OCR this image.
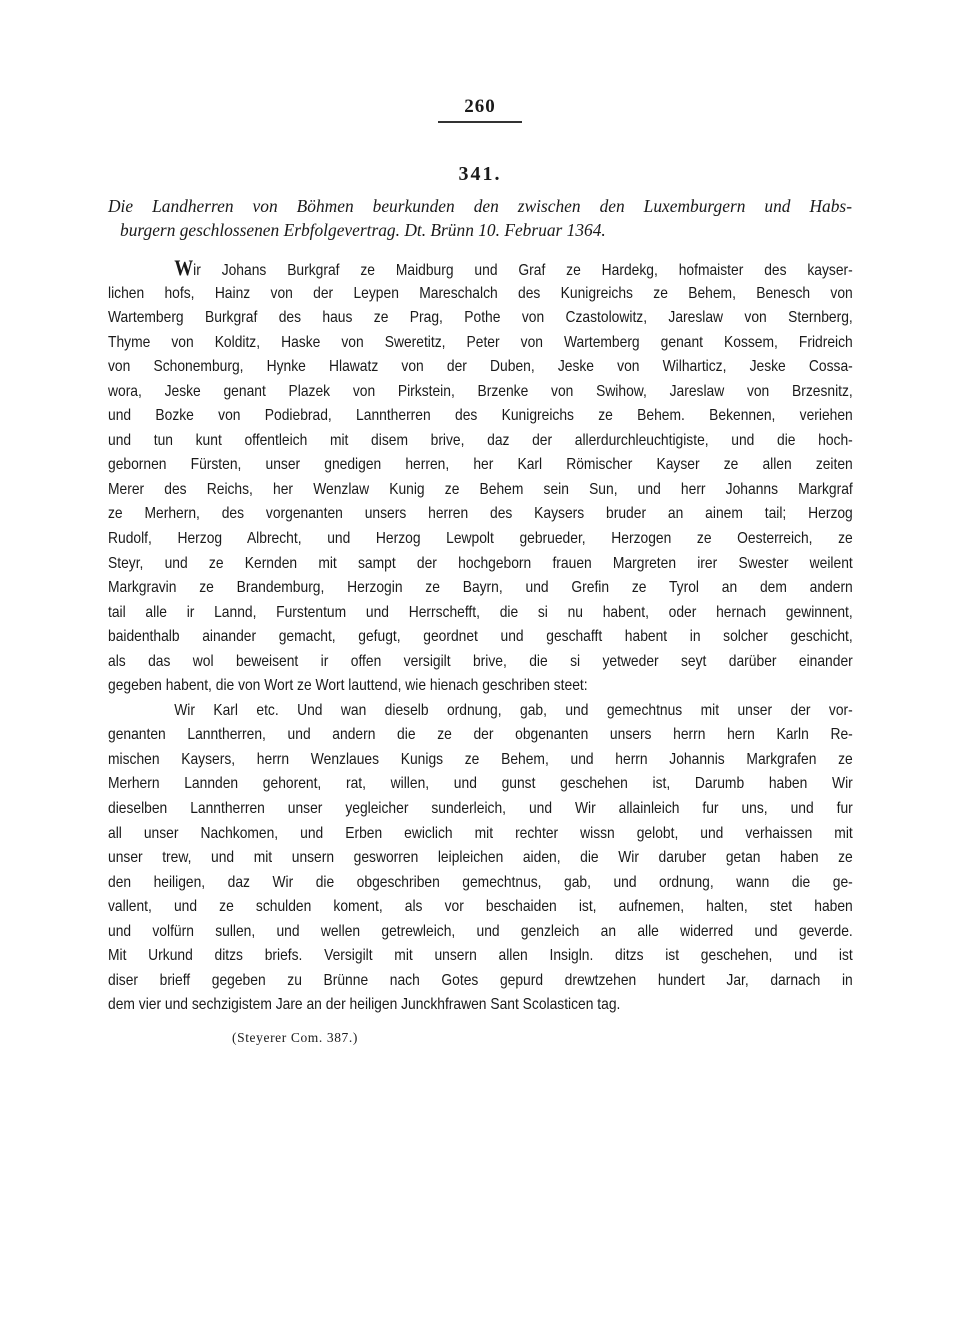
260
341.
Die Landherren von Böhmen beurkunden den zwischen den Luxemburgern und Habs-
burgern geschlossenen Erbfolgevertrag. Dt. Brünn 10. Februar 1364.
Wir Johans Burkgraf ze Maidburg und Graf ze Hardekg, hofmaister des kayser-
lichen hofs, Hainz von der Leypen Mareschalch des Kunigreichs ze Behem, Benesch von
Wartemberg Burkgraf des haus ze Prag, Pothe von Czastolowitz, Jareslaw von Sternberg,
Thyme von Kolditz, Haske von Sweretitz, Peter von Wartemberg genant Kossem, Fridreich
von Schonemburg, Hynke Hlawatz von der Duben, Jeske von Wilharticz, Jeske Cossa-
wora, Jeske genant Plazek von Pirkstein, Brzenke von Swihow, Jareslaw von Brzesnitz,
und Bozke von Podiebrad, Lanntherren des Kunigreichs ze Behem. Bekennen, veriehen
und tun kunt offentleich mit disem brive, daz der allerdurchleuchtigiste, und die hoch-
gebornen Fürsten, unser gnedigen herren, her Karl Römischer Kayser ze allen zeiten
Merer des Reichs, her Wenzlaw Kunig ze Behem sein Sun, und herr Johanns Markgraf
ze Merhern, des vorgenanten unsers herren des Kaysers bruder an ainem tail; Herzog
Rudolf, Herzog Albrecht, und Herzog Lewpolt gebrueder, Herzogen ze Oesterreich, ze
Steyr, und ze Kernden mit sampt der hochgeborn frauen Margreten irer Swester weilent
Markgravin ze Brandemburg, Herzogin ze Bayrn, und Grefin ze Tyrol an dem andern
tail alle ir Lannd, Furstentum und Herrschefft, die si nu habent, oder hernach gewinnent,
baidenthalb ainander gemacht, gefugt, geordnet und geschafft habent in solcher geschicht,
als das wol beweisent ir offen versigilt brive, die si yetweder seyt darüber einander
gegeben habent, die von Wort ze Wort lauttend, wie hienach geschriben steet:
Wir Karl etc. Und wan dieselb ordnung, gab, und gemechtnus mit unser der vor-
genanten Lanntherren, und andern die ze der obgenanten unsers herrn hern Karln Re-
mischen Kaysers, herrn Wenzlaues Kunigs ze Behem, und herrn Johannis Markgrafen ze
Merhern Lannden gehorent, rat, willen, und gunst geschehen ist, Darumb haben Wir
dieselben Lanntherren unser yegleicher sunderleich, und Wir allainleich fur uns, und fur
all unser Nachkomen, und Erben ewiclich mit rechter wissn gelobt, und verhaissen mit
unser trew, und mit unsern gesworren leipleichen aiden, die Wir daruber getan haben ze
den heiligen, daz Wir die obgeschriben gemechtnus, gab, und ordnung, wann die ge-
vallent, und ze schulden koment, als vor beschaiden ist, aufnemen, halten, stet haben
und volfürn sullen, und wellen getrewleich, und genzleich an alle widerred und geverde.
Mit Urkund ditzs briefs. Versigilt mit unsern allen Insigln. ditzs ist geschehen, und ist
diser brieff gegeben zu Brünne nach Gotes gepurd drewtzehen hundert Jar, darnach in
dem vier und sechzigistem Jare an der heiligen Junckhfrawen Sant Scolasticen tag.
(Steyerer Com. 387.)
